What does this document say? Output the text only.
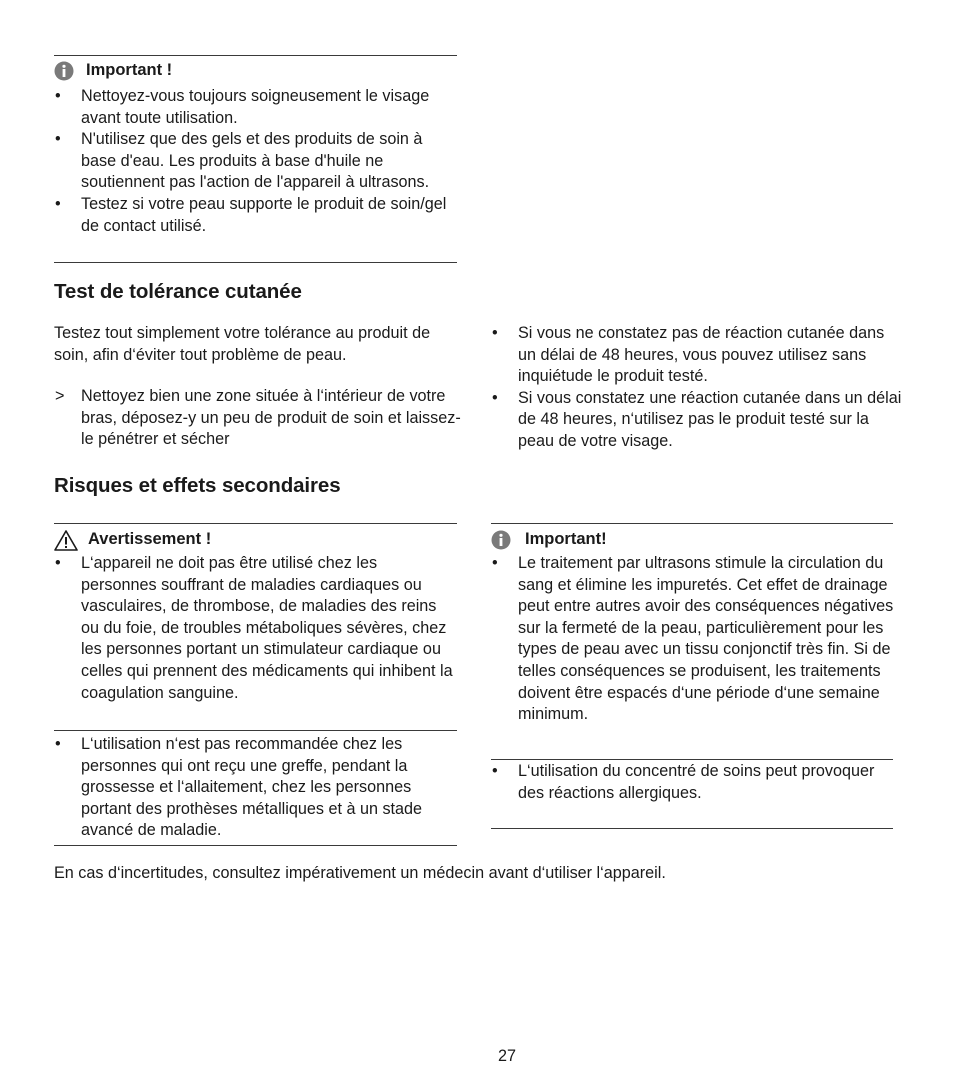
Important !
• Nettoyez-vous toujours soigneusement le visage avant toute utilisation.
• N'utilisez que des gels et des produits de soin à base d'eau. Les produits à base d'huile ne soutiennent pas l'action de l'appareil à ultrasons.
• Testez si votre peau supporte le produit de soin/gel de contact utilisé.
Test de tolérance cutanée

Testez tout simplement votre tolérance au produit de soin, afin d‘éviter tout problème de peau.

> Nettoyez bien une zone située à l‘intérieur de votre bras, déposez-y un peu de produit de soin et laissez-le pénétrer et sécher
• Si vous ne constatez pas de réaction cutanée dans un délai de 48 heures, vous pouvez utilisez sans inquiétude le produit testé.
• Si vous constatez une réaction cutanée dans un délai de 48 heures, n‘utilisez pas le produit testé sur la peau de votre visage.
Risques et effets secondaires
Avertissement !
• L‘appareil ne doit pas être utilisé chez les personnes souffrant de maladies cardiaques ou vasculaires, de thrombose, de maladies des reins ou du foie, de troubles métaboliques sévères, chez les personnes portant un stimulateur cardiaque ou celles qui prennent des médicaments qui inhibent la coagulation sanguine.
• L‘utilisation n‘est pas recommandée chez les personnes qui ont reçu une greffe, pendant la grossesse et l‘allaitement, chez les personnes portant des prothèses métalliques et à un stade avancé de maladie.
Important!
• Le traitement par ultrasons stimule la circulation du sang et élimine les impuretés. Cet effet de drainage peut entre autres avoir des conséquences négatives sur la fermeté de la peau, particulièrement pour les types de peau avec un tissu conjonctif très fin. Si de telles conséquences se produisent, les traitements doivent être espacés d‘une période d‘une semaine minimum.
• L‘utilisation du concentré de soins peut provoquer des réactions allergiques.

En cas d‘incertitudes, consultez impérativement un médecin avant d‘utiliser l‘appareil.

27
